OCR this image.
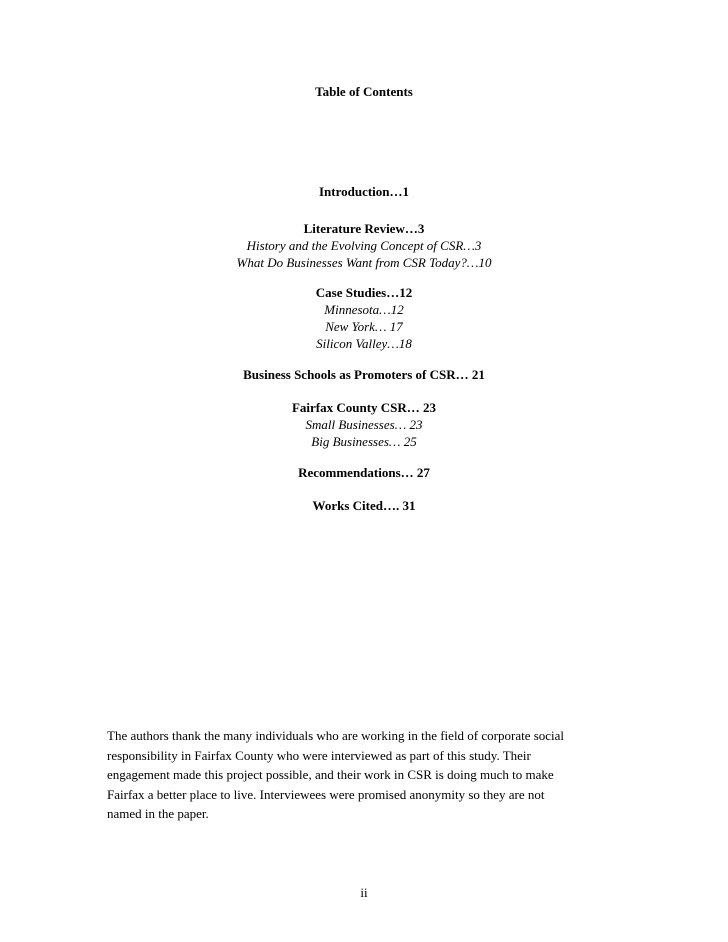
Table of Contents
Introduction…1
Literature Review…3
History and the Evolving Concept of CSR…3
What Do Businesses Want from CSR Today?…10
Case Studies…12
Minnesota…12
New York… 17
Silicon Valley…18
Business Schools as Promoters of CSR… 21
Fairfax County CSR… 23
Small Businesses… 23
Big Businesses… 25
Recommendations… 27
Works Cited…. 31
The authors thank the many individuals who are working in the field of corporate social
responsibility in Fairfax County who were interviewed as part of this study. Their
engagement made this project possible, and their work in CSR is doing much to make
Fairfax a better place to live. Interviewees were promised anonymity so they are not
named in the paper.
ii
